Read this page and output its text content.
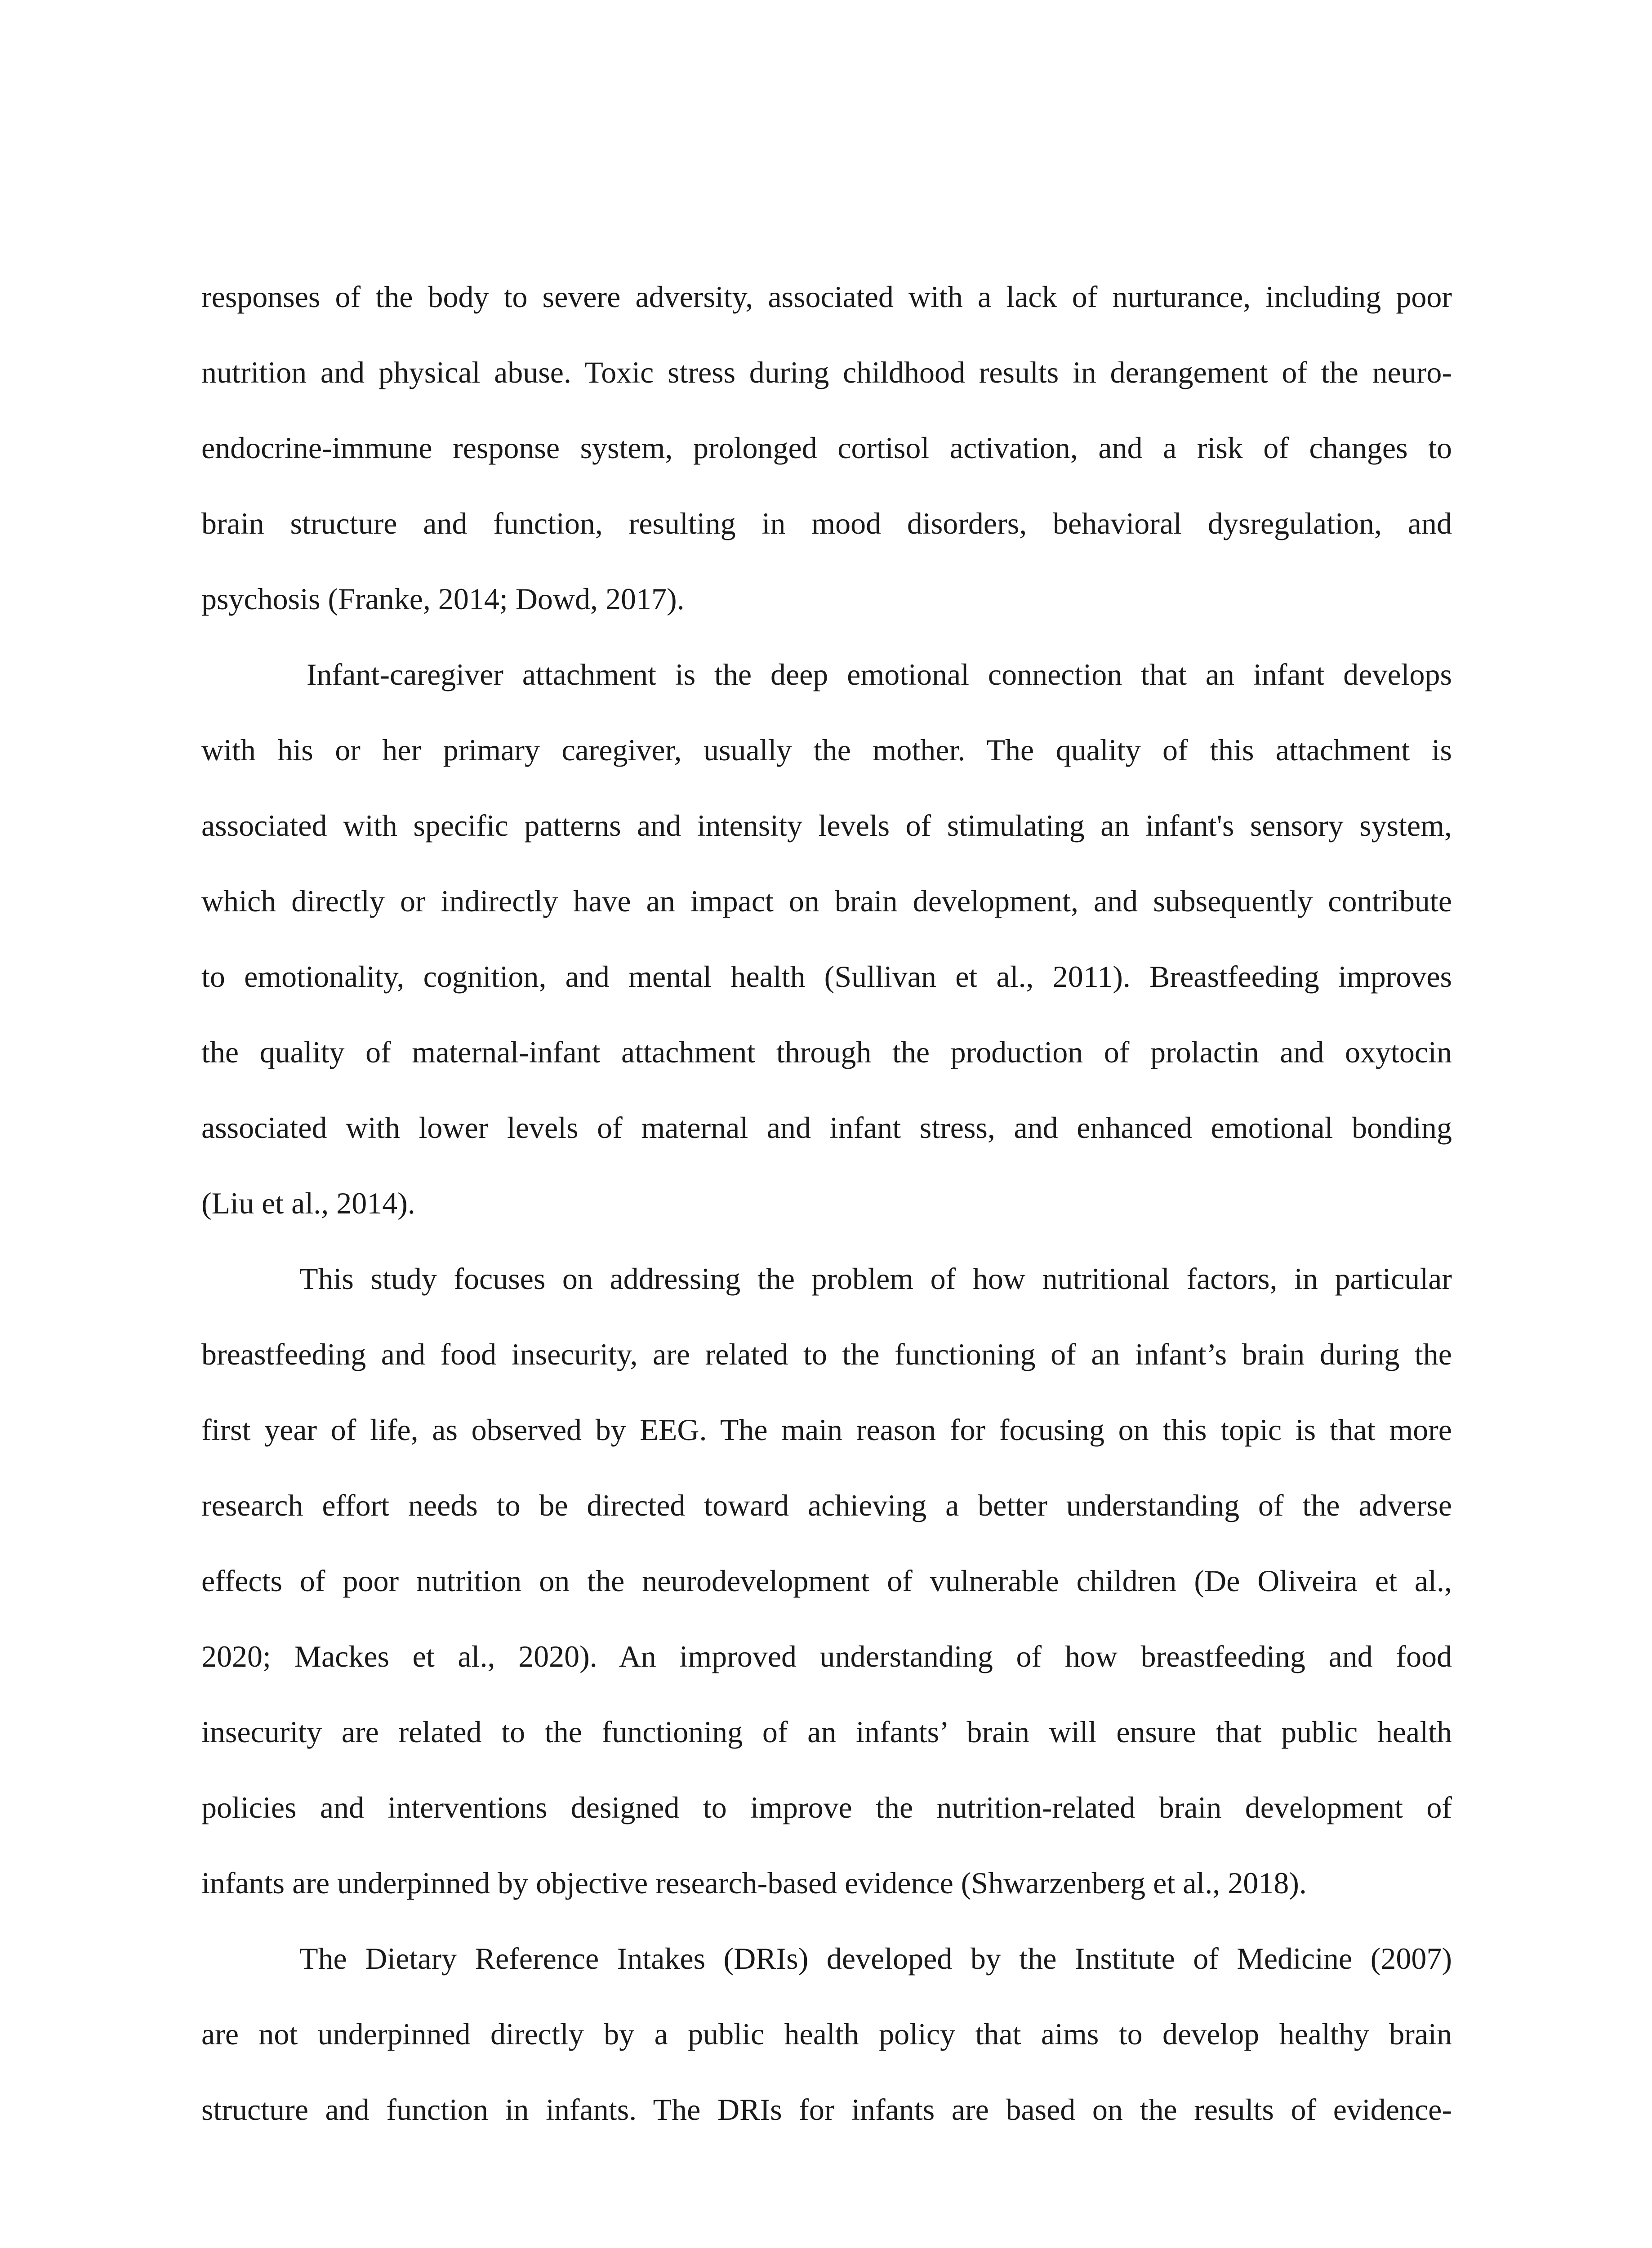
responses of the body to severe adversity, associated with a lack of nurturance, including poor
nutrition and physical abuse. Toxic stress during childhood results in derangement of the neuro-
endocrine-immune response system, prolonged cortisol activation, and a risk of changes to
brain structure and function, resulting in mood disorders, behavioral dysregulation, and
psychosis (Franke, 2014; Dowd, 2017).
Infant-caregiver attachment is the deep emotional connection that an infant develops
with his or her primary caregiver, usually the mother. The quality of this attachment is
associated with specific patterns and intensity levels of stimulating an infant's sensory system,
which directly or indirectly have an impact on brain development, and subsequently contribute
to emotionality, cognition, and mental health (Sullivan et al., 2011). Breastfeeding improves
the quality of maternal-infant attachment through the production of prolactin and oxytocin
associated with lower levels of maternal and infant stress, and enhanced emotional bonding
(Liu et al., 2014).
This study focuses on addressing the problem of how nutritional factors, in particular
breastfeeding and food insecurity, are related to the functioning of an infant’s brain during the
first year of life, as observed by EEG. The main reason for focusing on this topic is that more
research effort needs to be directed toward achieving a better understanding of the adverse
effects of poor nutrition on the neurodevelopment of vulnerable children (De Oliveira et al.,
2020; Mackes et al., 2020). An improved understanding of how breastfeeding and food
insecurity are related to the functioning of an infants’ brain will ensure that public health
policies and interventions designed to improve the nutrition-related brain development of
infants are underpinned by objective research-based evidence (Shwarzenberg et al., 2018).
The Dietary Reference Intakes (DRIs) developed by the Institute of Medicine (2007)
are not underpinned directly by a public health policy that aims to develop healthy brain
structure and function in infants. The DRIs for infants are based on the results of evidence-
